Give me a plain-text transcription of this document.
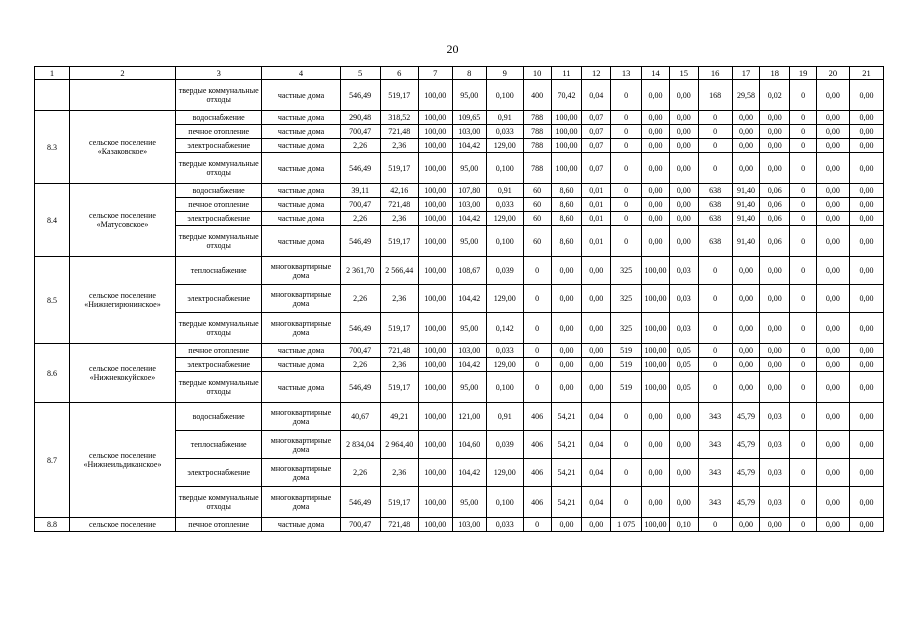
20
1	2	3	4	5	6	7	8	9	10	11	12	13	14	15	16	17	18	19	20	21
		твердые коммунальные отходы	частные дома	546,49	519,17	100,00	95,00	0,100	400	70,42	0,04	0	0,00	0,00	168	29,58	0,02	0	0,00	0,00
8.3	сельское поселение «Казаковское»	водоснабжение	частные дома	290,48	318,52	100,00	109,65	0,91	788	100,00	0,07	0	0,00	0,00	0	0,00	0,00	0	0,00	0,00
		печное отопление	частные дома	700,47	721,48	100,00	103,00	0,033	788	100,00	0,07	0	0,00	0,00	0	0,00	0,00	0	0,00	0,00
		электроснабжение	частные дома	2,26	2,36	100,00	104,42	129,00	788	100,00	0,07	0	0,00	0,00	0	0,00	0,00	0	0,00	0,00
		твердые коммунальные отходы	частные дома	546,49	519,17	100,00	95,00	0,100	788	100,00	0,07	0	0,00	0,00	0	0,00	0,00	0	0,00	0,00
8.4	сельское поселение «Матусовское»	водоснабжение	частные дома	39,11	42,16	100,00	107,80	0,91	60	8,60	0,01	0	0,00	0,00	638	91,40	0,06	0	0,00	0,00
		печное отопление	частные дома	700,47	721,48	100,00	103,00	0,033	60	8,60	0,01	0	0,00	0,00	638	91,40	0,06	0	0,00	0,00
		электроснабжение	частные дома	2,26	2,36	100,00	104,42	129,00	60	8,60	0,01	0	0,00	0,00	638	91,40	0,06	0	0,00	0,00
		твердые коммунальные отходы	частные дома	546,49	519,17	100,00	95,00	0,100	60	8,60	0,01	0	0,00	0,00	638	91,40	0,06	0	0,00	0,00
8.5	сельское поселение «Нижнегирюнинское»	теплоснабжение	многоквартирные дома	2 361,70	2 566,44	100,00	108,67	0,039	0	0,00	0,00	325	100,00	0,03	0	0,00	0,00	0	0,00	0,00
		электроснабжение	многоквартирные дома	2,26	2,36	100,00	104,42	129,00	0	0,00	0,00	325	100,00	0,03	0	0,00	0,00	0	0,00	0,00
		твердые коммунальные отходы	многоквартирные дома	546,49	519,17	100,00	95,00	0,142	0	0,00	0,00	325	100,00	0,03	0	0,00	0,00	0	0,00	0,00
8.6	сельское поселение «Нижнекокуйское»	печное отопление	частные дома	700,47	721,48	100,00	103,00	0,033	0	0,00	0,00	519	100,00	0,05	0	0,00	0,00	0	0,00	0,00
		электроснабжение	частные дома	2,26	2,36	100,00	104,42	129,00	0	0,00	0,00	519	100,00	0,05	0	0,00	0,00	0	0,00	0,00
		твердые коммунальные отходы	частные дома	546,49	519,17	100,00	95,00	0,100	0	0,00	0,00	519	100,00	0,05	0	0,00	0,00	0	0,00	0,00
8.7	сельское поселение «Нижнеильдиканское»	водоснабжение	многоквартирные дома	40,67	49,21	100,00	121,00	0,91	406	54,21	0,04	0	0,00	0,00	343	45,79	0,03	0	0,00	0,00
		теплоснабжение	многоквартирные дома	2 834,04	2 964,40	100,00	104,60	0,039	406	54,21	0,04	0	0,00	0,00	343	45,79	0,03	0	0,00	0,00
		электроснабжение	многоквартирные дома	2,26	2,36	100,00	104,42	129,00	406	54,21	0,04	0	0,00	0,00	343	45,79	0,03	0	0,00	0,00
		твердые коммунальные отходы	многоквартирные дома	546,49	519,17	100,00	95,00	0,100	406	54,21	0,04	0	0,00	0,00	343	45,79	0,03	0	0,00	0,00
8.8	сельское поселение	печное отопление	частные дома	700,47	721,48	100,00	103,00	0,033	0	0,00	0,00	1 075	100,00	0,10	0	0,00	0,00	0	0,00	0,00
